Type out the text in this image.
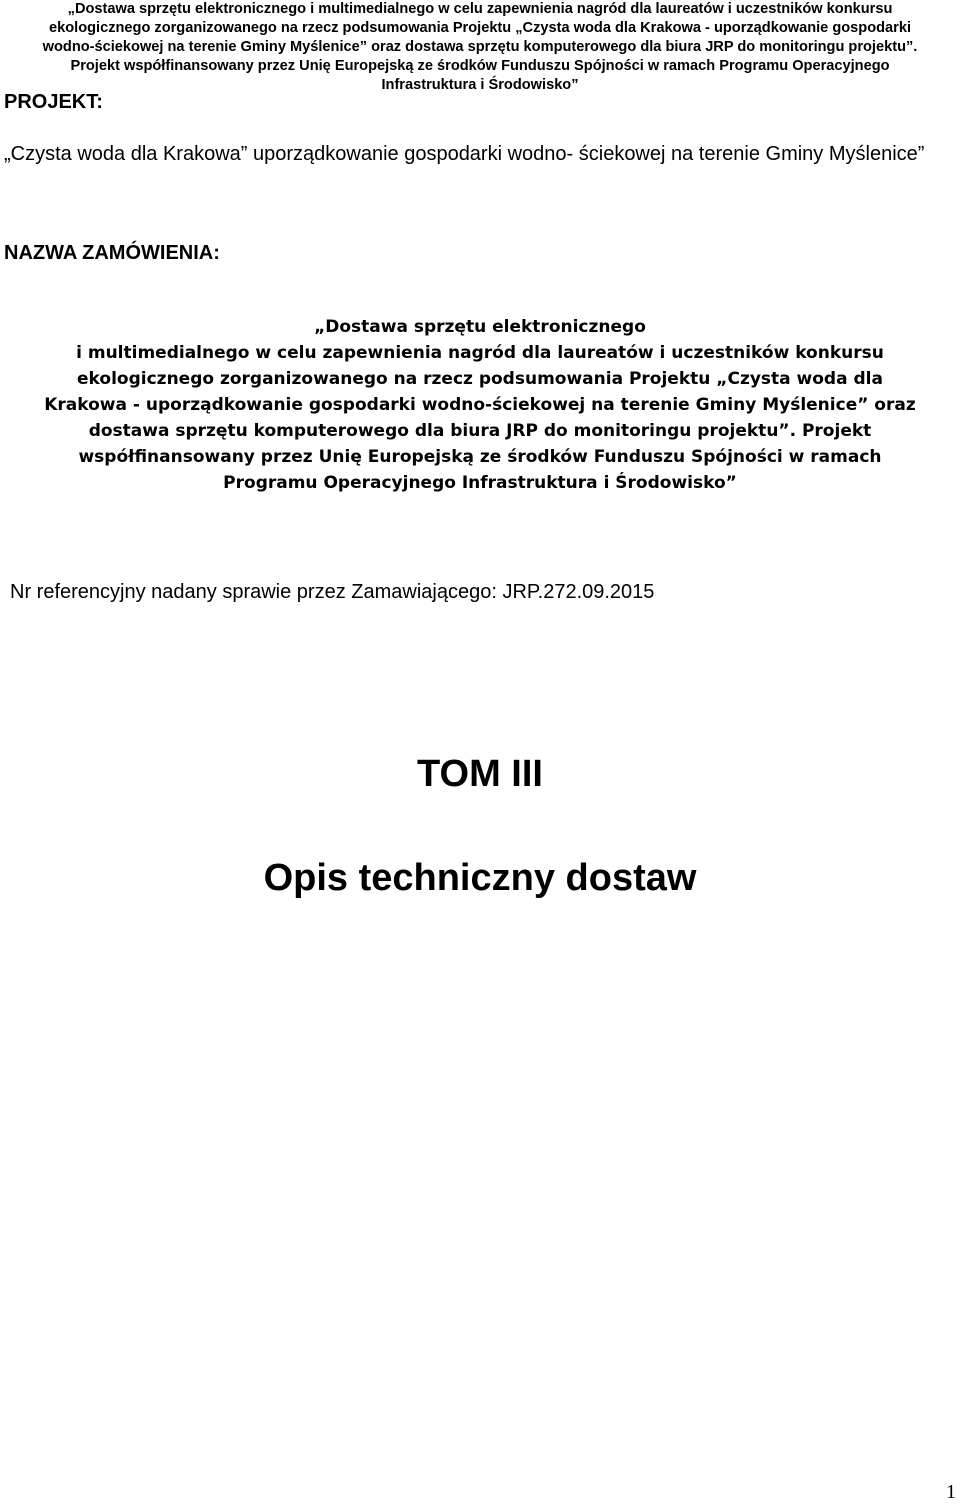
„Dostawa sprzętu elektronicznego i multimedialnego w celu zapewnienia nagród dla laureatów i uczestników konkursu
ekologicznego zorganizowanego na rzecz podsumowania Projektu „Czysta woda dla Krakowa - uporządkowanie gospodarki
wodno-ściekowej na terenie Gminy Myślenice” oraz dostawa sprzętu komputerowego dla biura JRP do monitoringu projektu”.
Projekt współfinansowany przez Unię Europejską ze środków Funduszu Spójności w ramach Programu Operacyjnego
Infrastruktura i Środowisko”
PROJEKT:
„Czysta woda dla Krakowa” uporządkowanie gospodarki wodno- ściekowej na terenie Gminy Myślenice”
NAZWA ZAMÓWIENIA:
„Dostawa sprzętu elektronicznego
i multimedialnego w celu zapewnienia nagród dla laureatów i uczestników konkursu
ekologicznego zorganizowanego na rzecz podsumowania Projektu „Czysta woda dla
Krakowa - uporządkowanie gospodarki wodno-ściekowej na terenie Gminy Myślenice” oraz
dostawa sprzętu komputerowego dla biura JRP do monitoringu projektu”. Projekt
współfinansowany przez Unię Europejską ze środków Funduszu Spójności w ramach
Programu Operacyjnego Infrastruktura i Środowisko”
Nr referencyjny nadany sprawie przez Zamawiającego: JRP.272.09.2015
TOM III
Opis techniczny dostaw
1
